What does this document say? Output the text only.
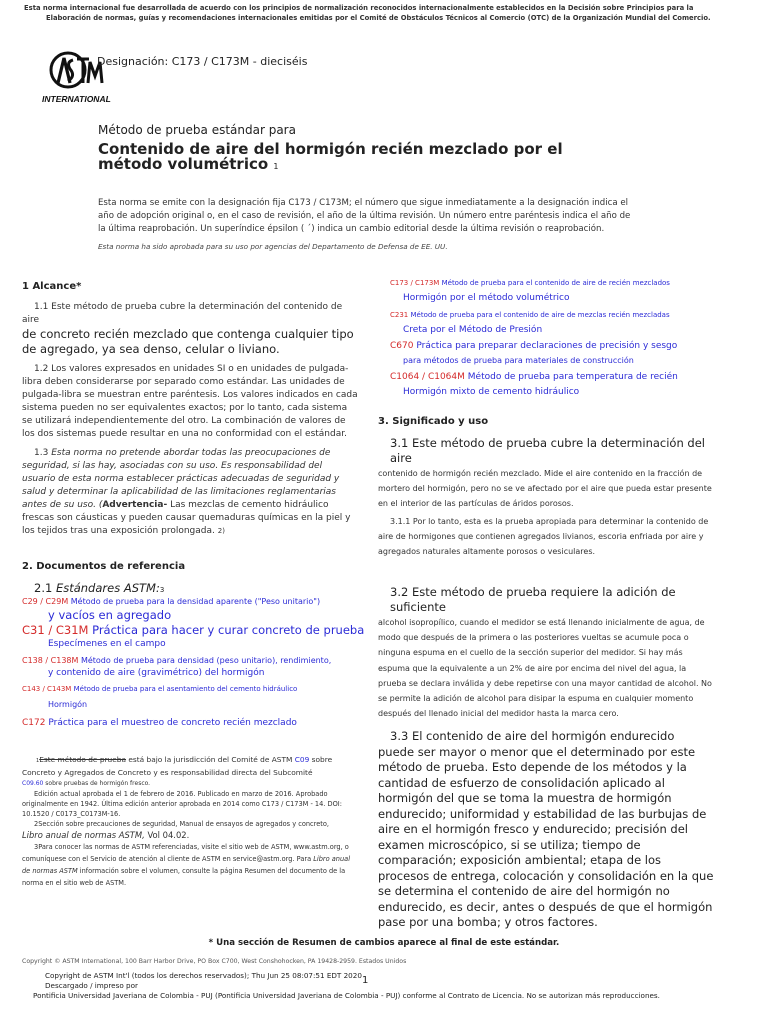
Esta norma internacional fue desarrollada de acuerdo con los principios de normalización reconocidos internacionalmente establecidos en la Decisión sobre Principios para la
Elaboración de normas, guías y recomendaciones internacionales emitidas por el Comité de Obstáculos Técnicos al Comercio (OTC) de la Organización Mundial del Comercio.
INTERNATIONAL
Designación: C173 / C173M - dieciséis
Método de prueba estándar para
Contenido de aire del hormigón recién mezclado por el método volumétrico 1
Esta norma se emite con la designación fija C173 / C173M; el número que sigue inmediatamente a la designación indica el año de adopción original o, en el caso de revisión, el año de la última revisión. Un número entre paréntesis indica el año de la última reaprobación. Un superíndice épsilon ( ´) indica un cambio editorial desde la última revisión o reaprobación.
Esta norma ha sido aprobada para su uso por agencias del Departamento de Defensa de EE. UU.

1 Alcance*

1.1 Este método de prueba cubre la determinación del contenido de aire

de concreto recién mezclado que contenga cualquier tipo de agregado, ya sea denso, celular o liviano.

1.2 Los valores expresados en unidades SI o en unidades de pulgada-libra deben considerarse por separado como estándar. Las unidades de pulgada-libra se muestran entre paréntesis. Los valores indicados en cada sistema pueden no ser equivalentes exactos; por lo tanto, cada sistema se utilizará independientemente del otro. La combinación de valores de los dos sistemas puede resultar en una no conformidad con el estándar.

1.3 Esta norma no pretende abordar todas las preocupaciones de seguridad, si las hay, asociadas con su uso. Es responsabilidad del usuario de esta norma establecer prácticas adecuadas de seguridad y salud y determinar la aplicabilidad de las limitaciones reglamentarias antes de su uso. (Advertencia- Las mezclas de cemento hidráulico frescas son cáusticas y pueden causar quemaduras químicas en la piel y los tejidos tras una exposición prolongada. 2)

2. Documentos de referencia

2.1 Estándares ASTM:3

C29 / C29M Método de prueba para la densidad aparente ("Peso unitario")

y vacíos en agregado

C31 / C31M Práctica para hacer y curar concreto de prueba

Especímenes en el campo

C138 / C138M Método de prueba para densidad (peso unitario), rendimiento,

y contenido de aire (gravimétrico) del hormigón

C143 / C143M Método de prueba para el asentamiento del cemento hidráulico

Hormigón

C172 Práctica para el muestreo de concreto recién mezclado

1Este método de prueba está bajo la jurisdicción del Comité de ASTM C09 sobre

Concreto y Agregados de Concreto y es responsabilidad directa del Subcomité

C09.60 sobre pruebas de hormigón fresco.

Edición actual aprobada el 1 de febrero de 2016. Publicado en marzo de 2016. Aprobado originalmente en 1942. Última edición anterior aprobada en 2014 como C173 / C173M - 14. DOI: 10.1520 / C0173_C0173M-16.

2Sección sobre precauciones de seguridad, Manual de ensayos de agregados y concreto,

Libro anual de normas ASTM, Vol 04.02.

3Para conocer las normas de ASTM referenciadas, visite el sitio web de ASTM, www.astm.org, o comuníquese con el Servicio de atención al cliente de ASTM en service@astm.org. Para Libro anual de normas ASTM información sobre el volumen, consulte la página Resumen del documento de la norma en el sitio web de ASTM.

C173 / C173M Método de prueba para el contenido de aire de recién mezclados

Hormigón por el método volumétrico

C231 Método de prueba para el contenido de aire de mezclas recién mezcladas

Creta por el Método de Presión

C670 Práctica para preparar declaraciones de precisión y sesgo

para métodos de prueba para materiales de construcción

C1064 / C1064M Método de prueba para temperatura de recién

Hormigón mixto de cemento hidráulico

3. Significado y uso

3.1 Este método de prueba cubre la determinación del aire

contenido de hormigón recién mezclado. Mide el aire contenido en la fracción de mortero del hormigón, pero no se ve afectado por el aire que pueda estar presente en el interior de las partículas de áridos porosos.

3.1.1 Por lo tanto, esta es la prueba apropiada para determinar la contenido de aire de hormigones que contienen agregados livianos, escoria enfriada por aire y agregados naturales altamente porosos o vesiculares.

3.2 Este método de prueba requiere la adición de suficiente

alcohol isopropílico, cuando el medidor se está llenando inicialmente de agua, de modo que después de la primera o las posteriores vueltas se acumule poca o ninguna espuma en el cuello de la sección superior del medidor. Si hay más espuma que la equivalente a un 2% de aire por encima del nivel del agua, la prueba se declara inválida y debe repetirse con una mayor cantidad de alcohol. No se permite la adición de alcohol para disipar la espuma en cualquier momento después del llenado inicial del medidor hasta la marca cero.

3.3 El contenido de aire del hormigón endurecido puede ser mayor o menor que el determinado por este método de prueba. Esto depende de los métodos y la cantidad de esfuerzo de consolidación aplicado al hormigón del que se toma la muestra de hormigón endurecido; uniformidad y estabilidad de las burbujas de aire en el hormigón fresco y endurecido; precisión del examen microscópico, si se utiliza; tiempo de comparación; exposición ambiental; etapa de los procesos de entrega, colocación y consolidación en la que se determina el contenido de aire del hormigón no endurecido, es decir, antes o después de que el hormigón pase por una bomba; y otros factores.

* Una sección de Resumen de cambios aparece al final de este estándar.
Copyright © ASTM International, 100 Barr Harbor Drive, PO Box C700, West Conshohocken, PA 19428-2959. Estados Unidos
Copyright de ASTM Int'l (todos los derechos reservados); Thu Jun 25 08:07:51 EDT 2020
Descargado / impreso por
Pontificia Universidad Javeriana de Colombia - PUJ (Pontificia Universidad Javeriana de Colombia - PUJ) conforme al Contrato de Licencia. No se autorizan más reproducciones.
1
